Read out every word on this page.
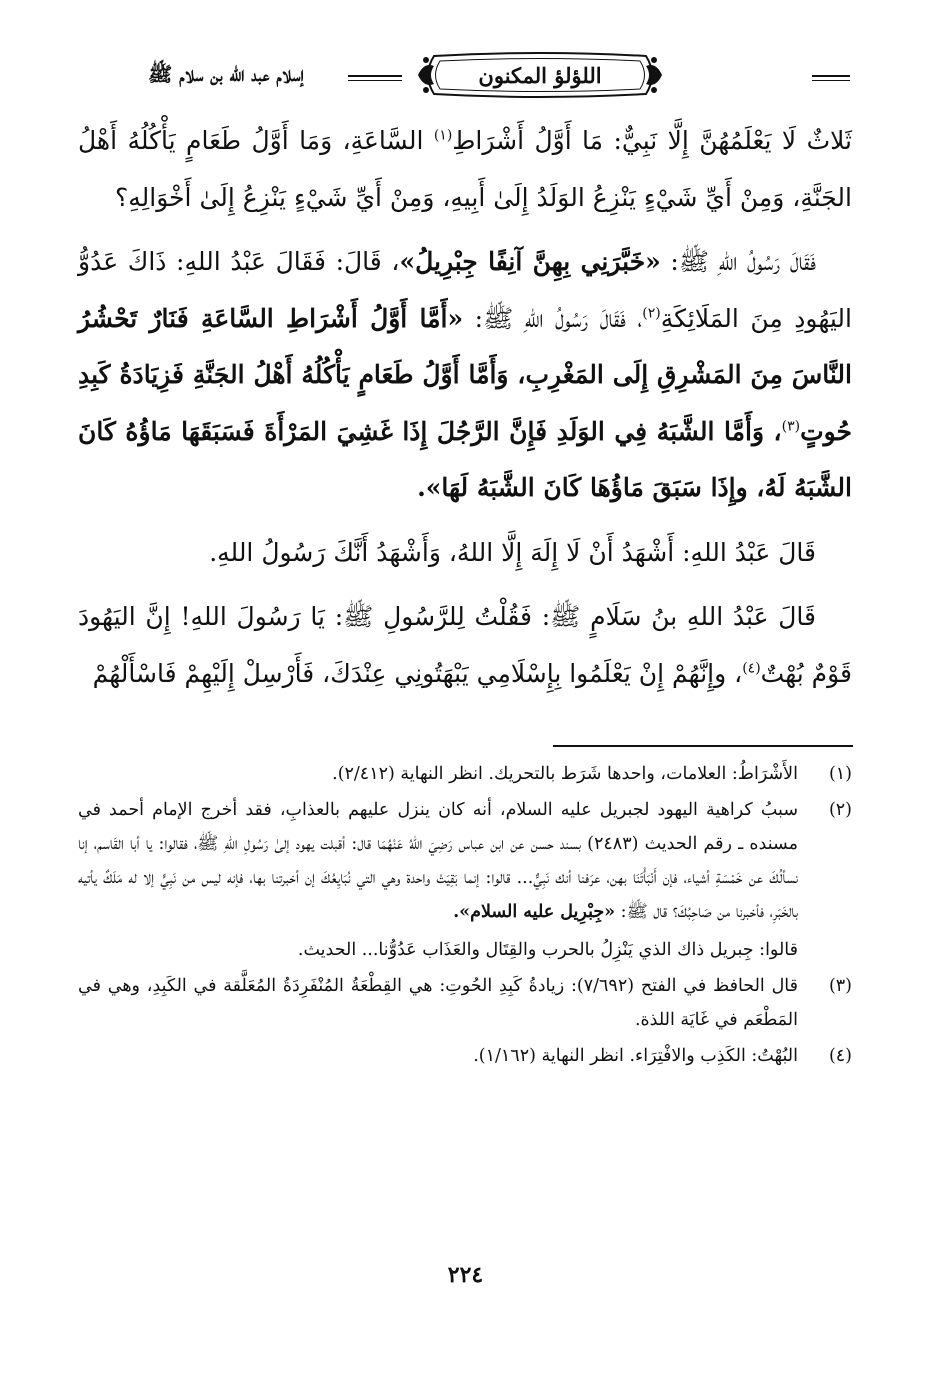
اللؤلؤ المكنون
إسلام عبد الله بن سلام ﷺ

ثَلاثٌ لَا يَعْلَمُهُنَّ إِلَّا نَبِيٌّ: مَا أَوَّلُ أَشْرَاطِ$^{(١)}$ السَّاعَةِ، وَمَا أَوَّلُ طَعَامٍ يَأْكُلُهُ أَهْلُ الجَنَّةِ، وَمِنْ أَيِّ شَيْءٍ يَنْزِعُ الوَلَدُ إِلَىٰ أَبِيهِ، وَمِنْ أَيِّ شَيْءٍ يَنْزِعُ إِلَىٰ أَخْوَالِهِ؟

فَقَالَ رَسُولُ اللهِ ﷺ: «خَبَّرَنِي بِهِنَّ آنِفًا جِبْرِيلُ»، قَالَ: فَقَالَ عَبْدُ اللهِ: ذَاكَ عَدُوُّ اليَهُودِ مِنَ المَلَائِكَةِ$^{(٢)}$، فَقَالَ رَسُولُ اللهِ ﷺ: «أَمَّا أَوَّلُ أَشْرَاطِ السَّاعَةِ فَنَارٌ تَحْشُرُ النَّاسَ مِنَ المَشْرِقِ إِلَى المَغْرِبِ، وَأَمَّا أَوَّلُ طَعَامٍ يَأْكُلُهُ أَهْلُ الجَنَّةِ فَزِيَادَةُ كَبِدِ حُوتٍ$^{(٣)}$، وَأَمَّا الشَّبَهُ فِي الوَلَدِ فَإِنَّ الرَّجُلَ إِذَا غَشِيَ المَرْأَةَ فَسَبَقَهَا مَاؤُهُ كَانَ الشَّبَهُ لَهُ، وإِذَا سَبَقَ مَاؤُهَا كَانَ الشَّبَهُ لَهَا».

قَالَ عَبْدُ اللهِ: أَشْهَدُ أَنْ لَا إِلَهَ إِلَّا اللهُ، وَأَشْهَدُ أَنَّكَ رَسُولُ اللهِ.

قَالَ عَبْدُ اللهِ بنُ سَلَامٍ ﷺ: فَقُلْتُ لِلرَّسُولِ ﷺ: يَا رَسُولَ اللهِ! إِنَّ اليَهُودَ قَوْمٌ بُهْتٌ$^{(٤)}$، وإِنَّهُمْ إِنْ يَعْلَمُوا بِإِسْلَامِي يَبْهَتُونِي عِنْدَكَ، فَأَرْسِلْ إِلَيْهِمْ فَاسْأَلْهُمْ

(١)

الأَشْرَاطُ: العلامات، واحدها شَرَط بالتحريك. انظر النهاية (٢/٤١٢).

(٢)

سببُ كراهية اليهود لجبريل عليه السلام، أنه كان ينزل عليهم بالعذابِ، فقد أخرج الإمام أحمد في مسنده ـ رقم الحديث (٢٤٨٣) بسند حسن عن ابن عباس رَضِيَ اللهُ عَنْهُمَا قال: أقبلت يهود إلىٰ رَسُولِ اللهِ ﷺ، فقالوا: يا أبا القَاسم، إنا نسألُكَ عن خَمْسَةِ أشياء، فإن أَنْبَأْتَنَا بهن، عرَفنا أنك نَبِيٌّ... قالوا: إنما بَقِيَتْ واحدة وهي التي نُبَايِعُكَ إن أخبرتنا بها، فإنه ليس من نَبِيٍّ إلا له مَلَكٌ يأتيه بالخَبَرِ، فأخبرنا من صَاحِبُكَ؟ قال ﷺ: «جِبْرِيل عليه السلام».

قالوا: جِبريل ذاك الذي يَنْزِلُ بالحرب والقِتَال والعَذَاب عَدُوُّنا... الحديث.

(٣)

قال الحافظ في الفتح (٧/٦٩٢): زيادةُ كَبِدِ الحُوتِ: هي القِطْعَةُ المُنْفَرِدَةُ المُعَلَّقة في الكَبِدِ، وهي في المَطْعَم في غَايَة اللذة.

(٤)

البُهْتُ: الكَذِب والافْتِرَاء. انظر النهاية (١/١٦٢).

٢٢٤
